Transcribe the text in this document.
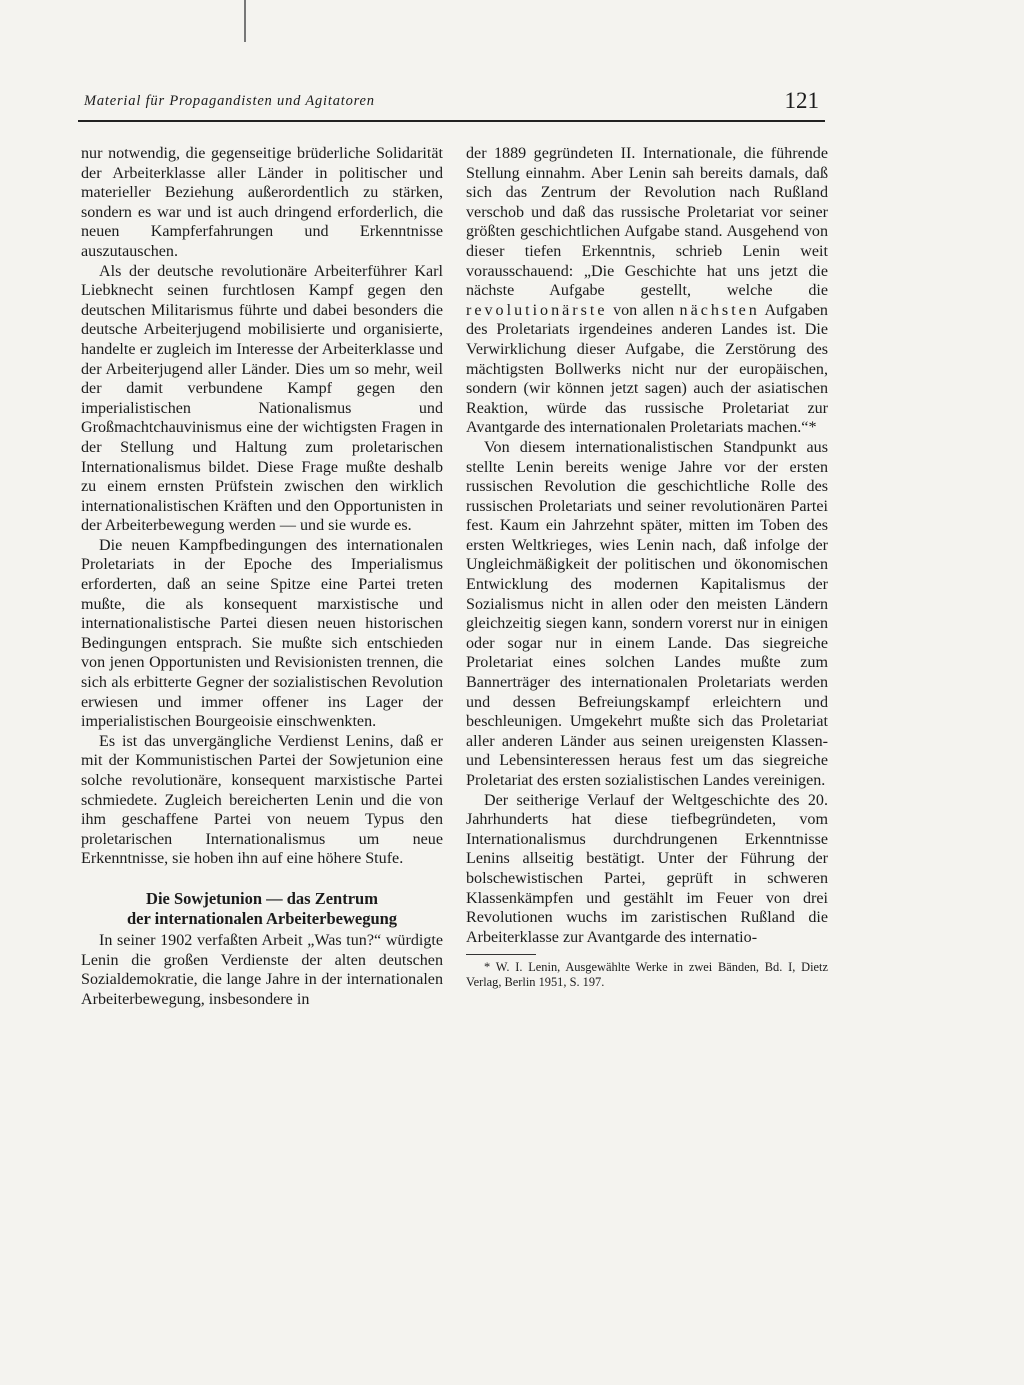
Material für Propagandisten und Agitatoren	121

nur notwendig, die gegenseitige brüderliche Solidarität der Arbeiterklasse aller Länder in politischer und materieller Beziehung außerordentlich zu stärken, sondern es war und ist auch dringend erforderlich, die neuen Kampferfahrungen und Erkenntnisse auszutauschen.

Als der deutsche revolutionäre Arbeiterführer Karl Liebknecht seinen furchtlosen Kampf gegen den deutschen Militarismus führte und dabei besonders die deutsche Arbeiterjugend mobilisierte und organisierte, handelte er zugleich im Interesse der Arbeiterklasse und der Arbeiterjugend aller Länder. Dies um so mehr, weil der damit verbundene Kampf gegen den imperialistischen Nationalismus und Großmachtchauvinismus eine der wichtigsten Fragen in der Stellung und Haltung zum proletarischen Internationalismus bildet. Diese Frage mußte deshalb zu einem ernsten Prüfstein zwischen den wirklich internationalistischen Kräften und den Opportunisten in der Arbeiterbewegung werden — und sie wurde es.

Die neuen Kampfbedingungen des internationalen Proletariats in der Epoche des Imperialismus erforderten, daß an seine Spitze eine Partei treten mußte, die als konsequent marxistische und internationalistische Partei diesen neuen historischen Bedingungen entsprach. Sie mußte sich entschieden von jenen Opportunisten und Revisionisten trennen, die sich als erbitterte Gegner der sozialistischen Revolution erwiesen und immer offener ins Lager der imperialistischen Bourgeoisie einschwenkten.

Es ist das unvergängliche Verdienst Lenins, daß er mit der Kommunistischen Partei der Sowjetunion eine solche revolutionäre, konsequent marxistische Partei schmiedete. Zugleich bereicherten Lenin und die von ihm geschaffene Partei von neuem Typus den proletarischen Internationalismus um neue Erkenntnisse, sie hoben ihn auf eine höhere Stufe.

Die Sowjetunion — das Zentrum
der internationalen Arbeiterbewegung

In seiner 1902 verfaßten Arbeit „Was tun?“ würdigte Lenin die großen Verdienste der alten deutschen Sozialdemokratie, die lange Jahre in der internationalen Arbeiterbewegung, insbesondere in

der 1889 gegründeten II. Internationale, die führende Stellung einnahm. Aber Lenin sah bereits damals, daß sich das Zentrum der Revolution nach Rußland verschob und daß das russische Proletariat vor seiner größten geschichtlichen Aufgabe stand. Ausgehend von dieser tiefen Erkenntnis, schrieb Lenin weit vorausschauend: „Die Geschichte hat uns jetzt die nächste Aufgabe gestellt, welche die revolutionärste von allen nächsten Aufgaben des Proletariats irgendeines anderen Landes ist. Die Verwirklichung dieser Aufgabe, die Zerstörung des mächtigsten Bollwerks nicht nur der europäischen, sondern (wir können jetzt sagen) auch der asiatischen Reaktion, würde das russische Proletariat zur Avantgarde des internationalen Proletariats machen.“*

Von diesem internationalistischen Standpunkt aus stellte Lenin bereits wenige Jahre vor der ersten russischen Revolution die geschichtliche Rolle des russischen Proletariats und seiner revolutionären Partei fest. Kaum ein Jahrzehnt später, mitten im Toben des ersten Weltkrieges, wies Lenin nach, daß infolge der Ungleichmäßigkeit der politischen und ökonomischen Entwicklung des modernen Kapitalismus der Sozialismus nicht in allen oder den meisten Ländern gleichzeitig siegen kann, sondern vorerst nur in einigen oder sogar nur in einem Lande. Das siegreiche Proletariat eines solchen Landes mußte zum Bannerträger des internationalen Proletariats werden und dessen Befreiungskampf erleichtern und beschleunigen. Umgekehrt mußte sich das Proletariat aller anderen Länder aus seinen ureigensten Klassen- und Lebensinteressen heraus fest um das siegreiche Proletariat des ersten sozialistischen Landes vereinigen.

Der seitherige Verlauf der Weltgeschichte des 20. Jahrhunderts hat diese tiefbegründeten, vom Internationalismus durchdrungenen Erkenntnisse Lenins allseitig bestätigt. Unter der Führung der bolschewistischen Partei, geprüft in schweren Klassenkämpfen und gestählt im Feuer von drei Revolutionen wuchs im zaristischen Rußland die Arbeiterklasse zur Avantgarde des internatio-

* W. I. Lenin, Ausgewählte Werke in zwei Bänden, Bd. I, Dietz Verlag, Berlin 1951, S. 197.
